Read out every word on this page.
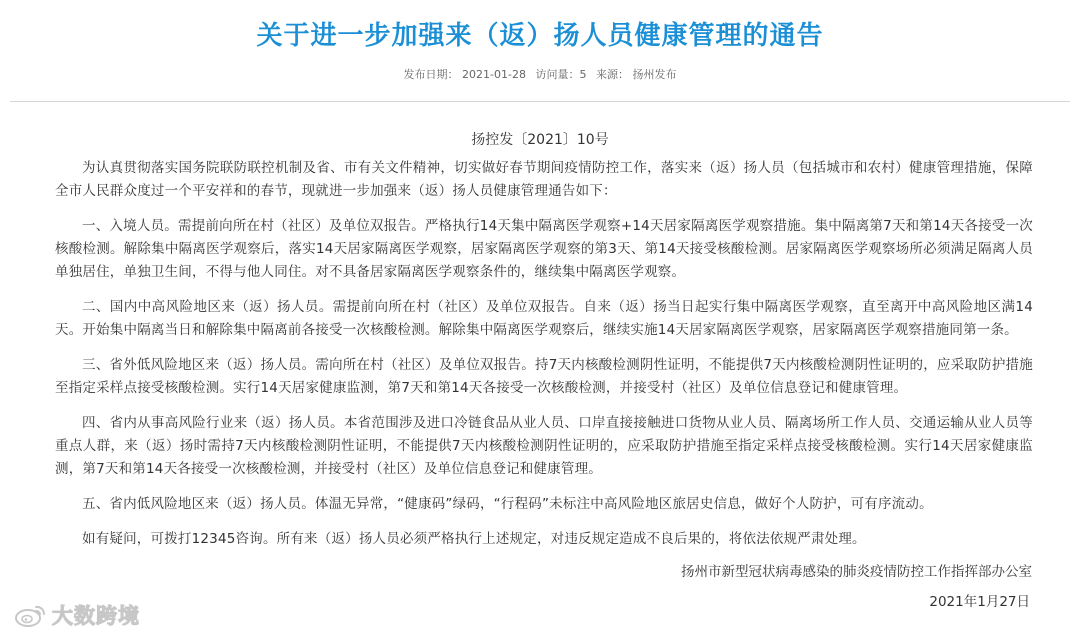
关于进一步加强来（返）扬人员健康管理的通告
发布日期： 2021-01-28 访问量：5 来源： 扬州发布
扬控发〔2021〕10号

为认真贯彻落实国务院联防联控机制及省、市有关文件精神，切实做好春节期间疫情防控工作，落实来（返）扬人员（包括城市和农村）健康管理措施，保障全市人民群众度过一个平安祥和的春节，现就进一步加强来（返）扬人员健康管理通告如下：

一、入境人员。需提前向所在村（社区）及单位双报告。严格执行14天集中隔离医学观察+14天居家隔离医学观察措施。集中隔离第7天和第14天各接受一次核酸检测。解除集中隔离医学观察后，落实14天居家隔离医学观察，居家隔离医学观察的第3天、第14天接受核酸检测。居家隔离医学观察场所必须满足隔离人员单独居住，单独卫生间，不得与他人同住。对不具备居家隔离医学观察条件的，继续集中隔离医学观察。

二、国内中高风险地区来（返）扬人员。需提前向所在村（社区）及单位双报告。自来（返）扬当日起实行集中隔离医学观察，直至离开中高风险地区满14天。开始集中隔离当日和解除集中隔离前各接受一次核酸检测。解除集中隔离医学观察后，继续实施14天居家隔离医学观察，居家隔离医学观察措施同第一条。

三、省外低风险地区来（返）扬人员。需向所在村（社区）及单位双报告。持7天内核酸检测阴性证明，不能提供7天内核酸检测阴性证明的，应采取防护措施至指定采样点接受核酸检测。实行14天居家健康监测，第7天和第14天各接受一次核酸检测，并接受村（社区）及单位信息登记和健康管理。

四、省内从事高风险行业来（返）扬人员。本省范围涉及进口冷链食品从业人员、口岸直接接触进口货物从业人员、隔离场所工作人员、交通运输从业人员等重点人群，来（返）扬时需持7天内核酸检测阴性证明，不能提供7天内核酸检测阴性证明的，应采取防护措施至指定采样点接受核酸检测。实行14天居家健康监测，第7天和第14天各接受一次核酸检测，并接受村（社区）及单位信息登记和健康管理。

五、省内低风险地区来（返）扬人员。体温无异常，“健康码”绿码，“行程码”未标注中高风险地区旅居史信息，做好个人防护，可有序流动。

如有疑问，可拨打12345咨询。所有来（返）扬人员必须严格执行上述规定，对违反规定造成不良后果的，将依法依规严肃处理。

扬州市新型冠状病毒感染的肺炎疫情防控工作指挥部办公室
2021年1月27日
大数跨境
